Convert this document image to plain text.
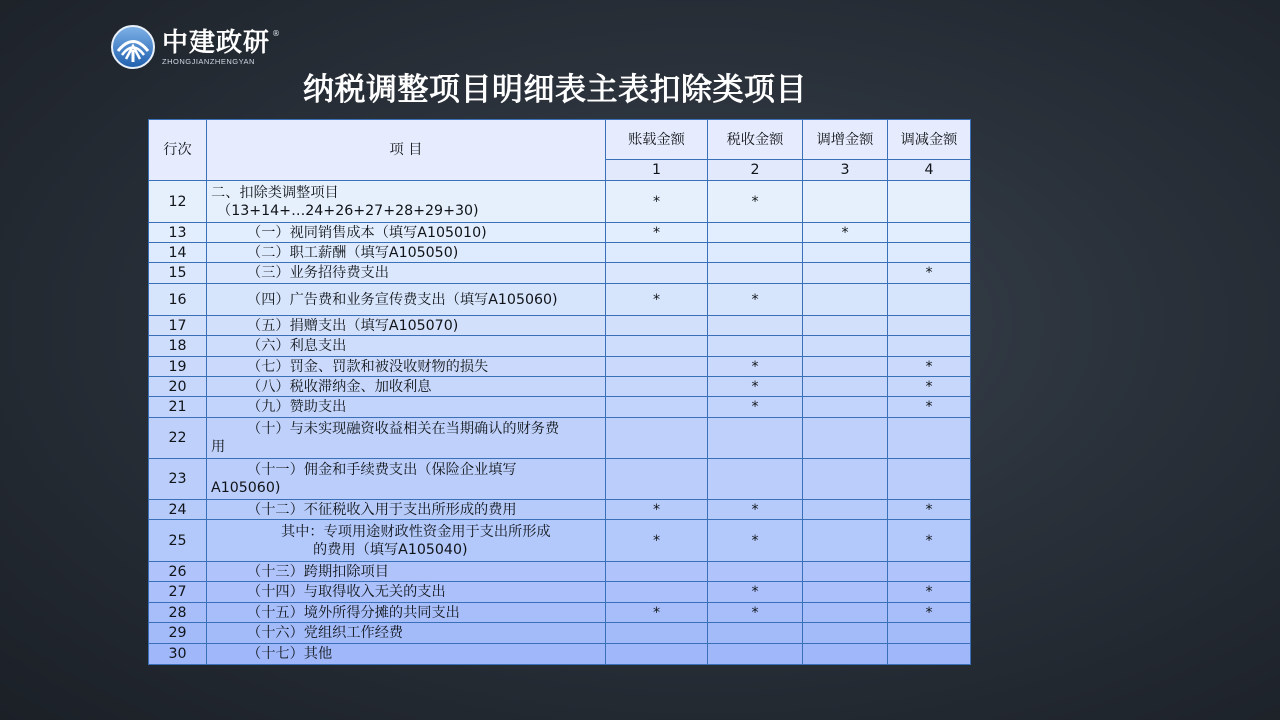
中建政研 ®
ZHONGJIANZHENGYAN
纳税调整项目明细表主表扣除类项目
行次	项 目	账载金额	税收金额	调增金额	调减金额
		1	2	3	4
12	二、扣除类调整项目
（13+14+…24+26+27+28+29+30)	*	*		
13	（一）视同销售成本（填写A105010)	*		*	
14	（二）职工薪酬（填写A105050)				

15	（三）业务招待费支出				*
16	（四）广告费和业务宣传费支出（填写A105060)	*	*		
17	（五）捐赠支出（填写A105070)				

18	（六）利息支出				

19	（七）罚金、罚款和被没收财物的损失		*		*
20	（八）税收滞纳金、加收利息		*		*
21	（九）赞助支出		*		*
22	（十）与未实现融资收益相关在当期确认的财务费
用				

23	（十一）佣金和手续费支出（保险企业填写
A105060)				

24	（十二）不征税收入用于支出所形成的费用	*	*		*
25	其中：专项用途财政性资金用于支出所形成
的费用（填写A105040)	*	*		*
26	（十三）跨期扣除项目				

27	（十四）与取得收入无关的支出		*		*
28	（十五）境外所得分摊的共同支出	*	*		*
29	（十六）党组织工作经费				

30	（十七）其他				
